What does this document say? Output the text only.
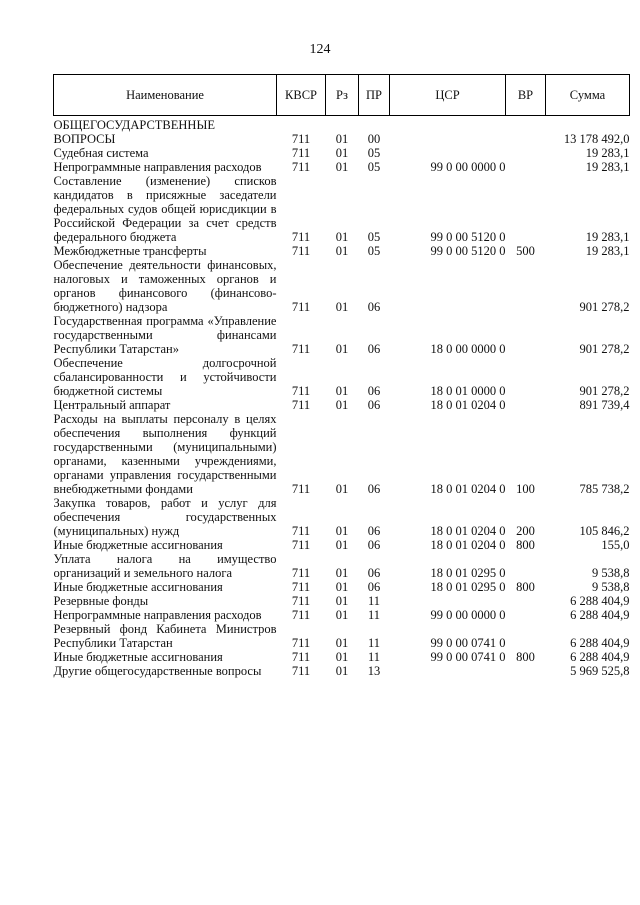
124
Наименование	КВСР	Рз	ПР	ЦСР	ВР	Сумма

ОБЩЕГОСУДАРСТВЕННЫЕ ВОПРОСЫ	711	01	00			13 178 492,0
Судебная система	711	01	05			19 283,1
Непрограммные направления расходов	711	01	05	99 0 00 0000 0		19 283,1
Составление (изменение) списков кандидатов в присяжные заседатели федеральных судов общей юрисдикции в Российской Федерации за счет средств федерального бюджета	711	01	05	99 0 00 5120 0		19 283,1
Межбюджетные трансферты	711	01	05	99 0 00 5120 0	500	19 283,1
Обеспечение деятельности финансовых, налоговых и таможенных органов и органов финансового (финансово-бюджетного) надзора	711	01	06			901 278,2
Государственная программа «Управление государственными финансами Республики Татарстан»	711	01	06	18 0 00 0000 0		901 278,2
Обеспечение долгосрочной сбалансированности и устойчивости бюджетной системы	711	01	06	18 0 01 0000 0		901 278,2
Центральный аппарат	711	01	06	18 0 01 0204 0		891 739,4
Расходы на выплаты персоналу в целях обеспечения выполнения функций государственными (муниципальными) органами, казенными учреждениями, органами управления государственными внебюджетными фондами	711	01	06	18 0 01 0204 0	100	785 738,2
Закупка товаров, работ и услуг для обеспечения государственных (муниципальных) нужд	711	01	06	18 0 01 0204 0	200	105 846,2
Иные бюджетные ассигнования	711	01	06	18 0 01 0204 0	800	155,0
Уплата налога на имущество организаций и земельного налога	711	01	06	18 0 01 0295 0		9 538,8
Иные бюджетные ассигнования	711	01	06	18 0 01 0295 0	800	9 538,8
Резервные фонды	711	01	11			6 288 404,9
Непрограммные направления расходов	711	01	11	99 0 00 0000 0		6 288 404,9
Резервный фонд Кабинета Министров Республики Татарстан	711	01	11	99 0 00 0741 0		6 288 404,9
Иные бюджетные ассигнования	711	01	11	99 0 00 0741 0	800	6 288 404,9
Другие общегосударственные вопросы	711	01	13			5 969 525,8
